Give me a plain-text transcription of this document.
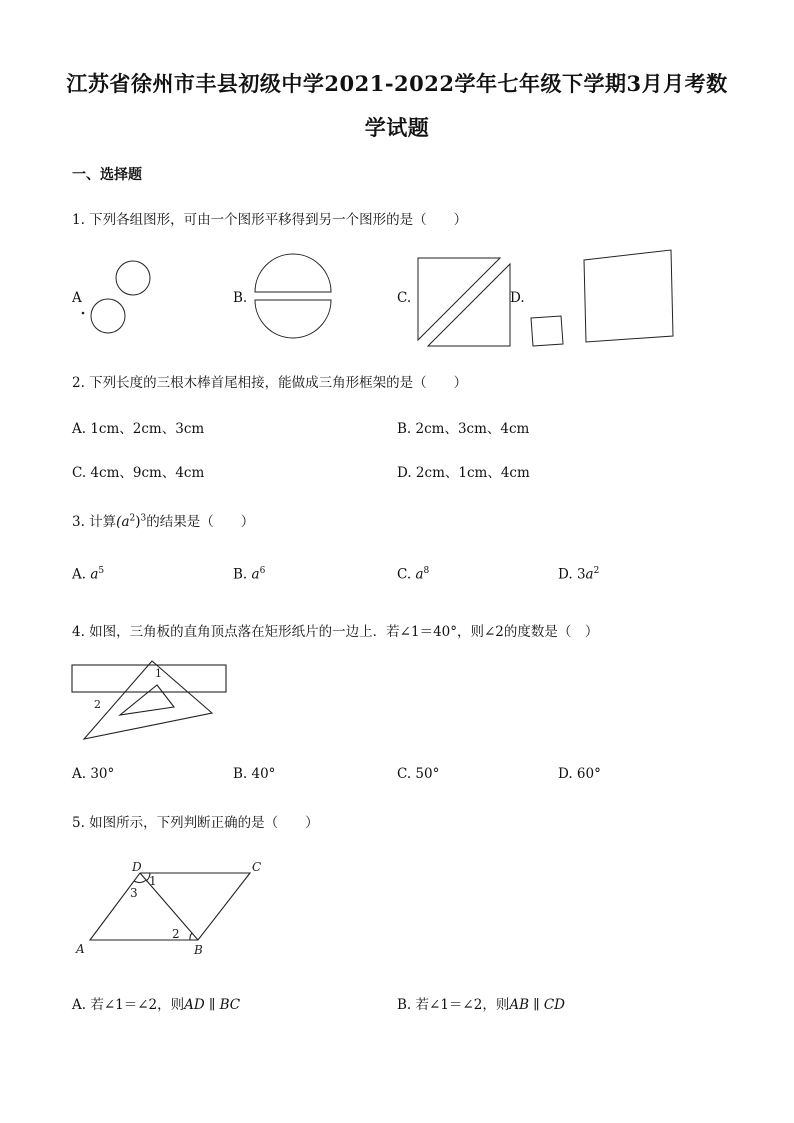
江苏省徐州市丰县初级中学2021-2022学年七年级下学期3月月考数
学试题
一、选择题
1. 下列各组图形，可由一个图形平移得到另一个图形的是（　　）
A	B.	C.	D.
2. 下列长度的三根木棒首尾相接，能做成三角形框架的是（　　）
A. 1cm、2cm、3cm	B. 2cm、3cm、4cm
C. 4cm、9cm、4cm	D. 2cm、1cm、4cm
3. 计算$(a^2)^3$的结果是（　　）
A. $a^5$	B. $a^6$	C. $a^8$	D. $3a^2$
4. 如图，三角板的直角顶点落在矩形纸片的一边上．若∠1＝40°，则∠2的度数是（　）
1
2
A. 30°	B. 40°	C. 50°	D. 60°
5. 如图所示，下列判断正确的是（　　）
D	C
A	B
1
2
3
A. 若∠1＝∠2，则AD ∥ BC	B. 若∠1＝∠2，则AB ∥ CD
